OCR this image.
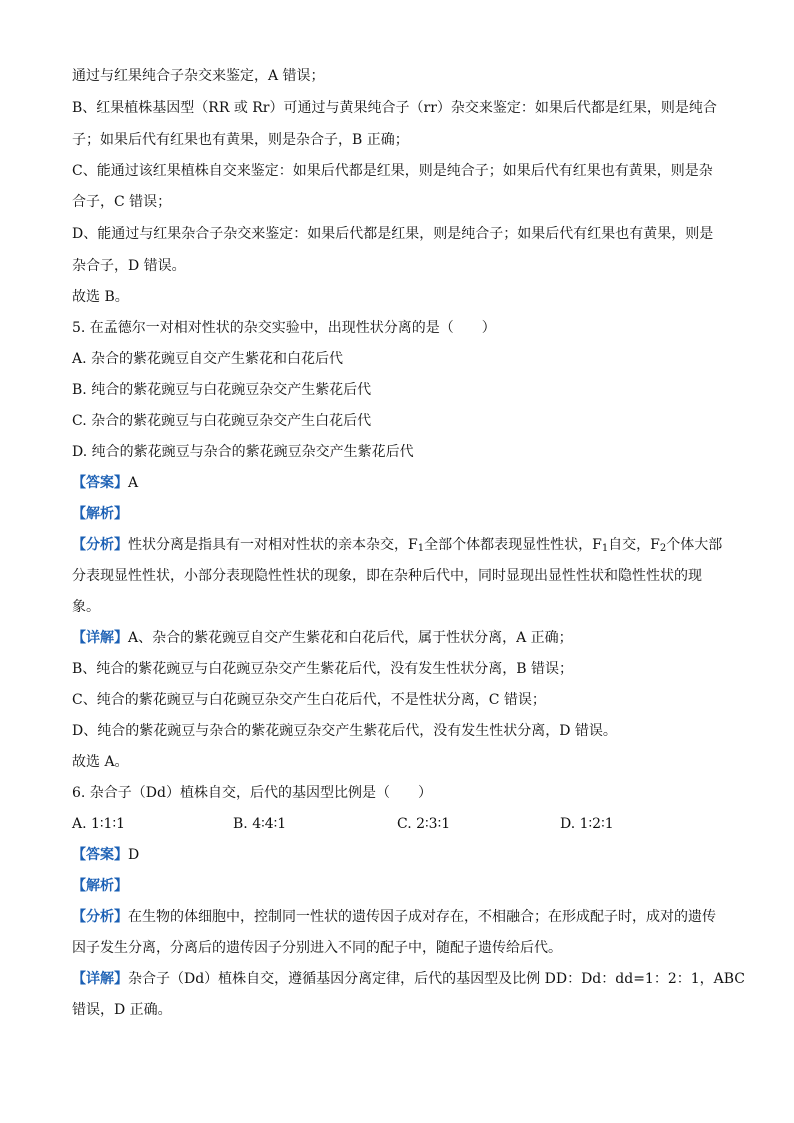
通过与红果纯合子杂交来鉴定，A 错误；
B、红果植株基因型（RR 或 Rr）可通过与黄果纯合子（rr）杂交来鉴定：如果后代都是红果，则是纯合
子；如果后代有红果也有黄果，则是杂合子，B 正确；
C、能通过该红果植株自交来鉴定：如果后代都是红果，则是纯合子；如果后代有红果也有黄果，则是杂
合子，C 错误；
D、能通过与红果杂合子杂交来鉴定：如果后代都是红果，则是纯合子；如果后代有红果也有黄果，则是
杂合子，D 错误。
故选 B。
5. 在孟德尔一对相对性状的杂交实验中，出现性状分离的是（　　）
A. 杂合的紫花豌豆自交产生紫花和白花后代
B. 纯合的紫花豌豆与白花豌豆杂交产生紫花后代
C. 杂合的紫花豌豆与白花豌豆杂交产生白花后代
D. 纯合的紫花豌豆与杂合的紫花豌豆杂交产生紫花后代
【答案】A
【解析】
【分析】性状分离是指具有一对相对性状的亲本杂交，$F_1$全部个体都表现显性性状，$F_1$自交，$F_2$个体大部
分表现显性性状，小部分表现隐性性状的现象，即在杂种后代中，同时显现出显性性状和隐性性状的现
象。
【详解】A、杂合的紫花豌豆自交产生紫花和白花后代，属于性状分离，A 正确；
B、纯合的紫花豌豆与白花豌豆杂交产生紫花后代，没有发生性状分离，B 错误；
C、纯合的紫花豌豆与白花豌豆杂交产生白花后代，不是性状分离，C 错误；
D、纯合的紫花豌豆与杂合的紫花豌豆杂交产生紫花后代，没有发生性状分离，D 错误。
故选 A。
6. 杂合子（Dd）植株自交，后代的基因型比例是（　　）
A. 1∶1∶1	B. 4∶4∶1	C. 2∶3∶1	D. 1∶2∶1
【答案】D
【解析】
【分析】在生物的体细胞中，控制同一性状的遗传因子成对存在，不相融合；在形成配子时，成对的遗传
因子发生分离，分离后的遗传因子分别进入不同的配子中，随配子遗传给后代。
【详解】杂合子（Dd）植株自交，遵循基因分离定律，后代的基因型及比例 DD：Dd：dd=1：2：1，ABC
错误，D 正确。
